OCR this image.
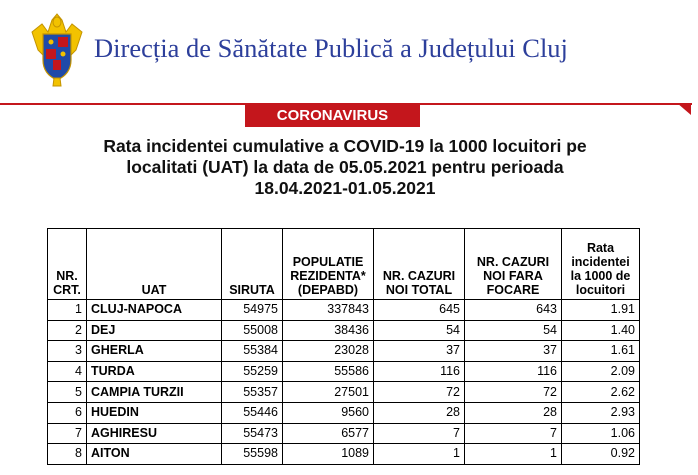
Direcția de Sănătate Publică a Județului Cluj
CORONAVIRUS
Rata incidentei cumulative a COVID-19 la 1000 locuitori pe
localitati (UAT) la data de 05.05.2021 pentru perioada
18.04.2021-01.05.2021
NR. CRT.	UAT	SIRUTA	POPULATIE REZIDENTA* (DEPABD)	NR. CAZURI NOI TOTAL	NR. CAZURI NOI FARA FOCARE	Rata incidentei la 1000 de locuitori
1	CLUJ-NAPOCA	54975	337843	645	643	1.91
2	DEJ	55008	38436	54	54	1.40
3	GHERLA	55384	23028	37	37	1.61
4	TURDA	55259	55586	116	116	2.09
5	CAMPIA TURZII	55357	27501	72	72	2.62
6	HUEDIN	55446	9560	28	28	2.93
7	AGHIRESU	55473	6577	7	7	1.06
8	AITON	55598	1089	1	1	0.92
